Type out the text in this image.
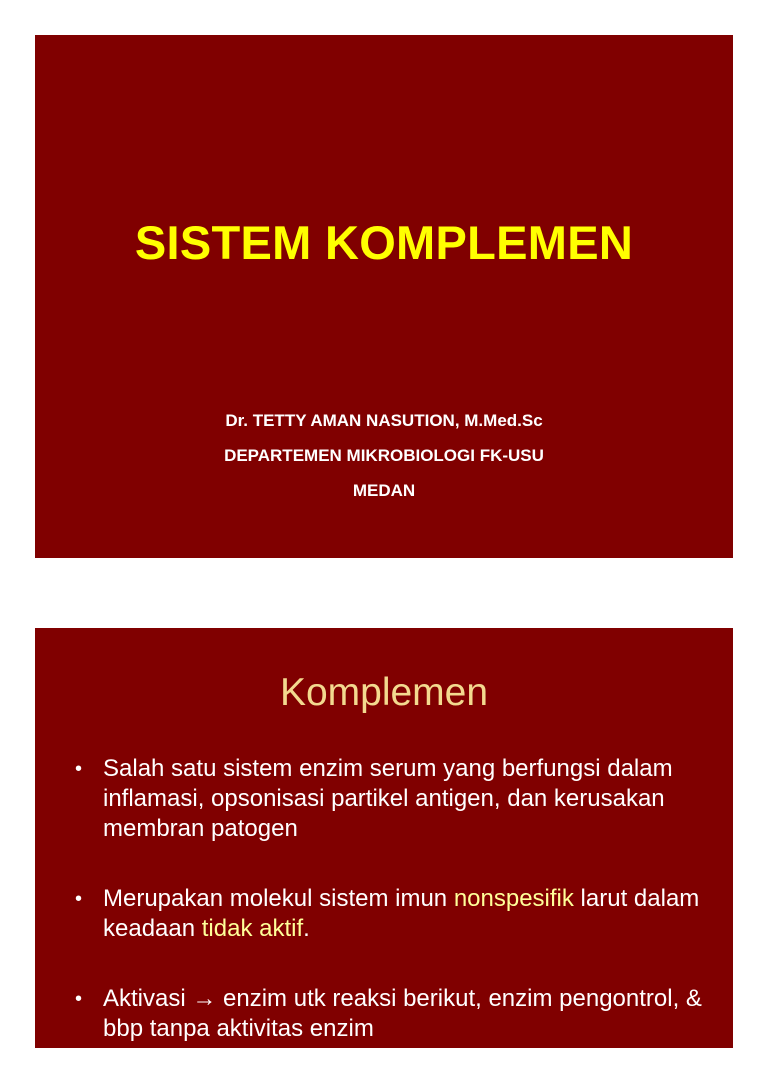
SISTEM KOMPLEMEN
Dr. TETTY AMAN NASUTION, M.Med.Sc
DEPARTEMEN MIKROBIOLOGI FK-USU
MEDAN
Komplemen
• Salah satu sistem enzim serum yang berfungsi dalam inflamasi, opsonisasi partikel antigen, dan kerusakan membran patogen
• Merupakan molekul sistem imun nonspesifik larut dalam keadaan tidak aktif.
• Aktivasi → enzim utk reaksi berikut, enzim pengontrol, & bbp tanpa aktivitas enzim
